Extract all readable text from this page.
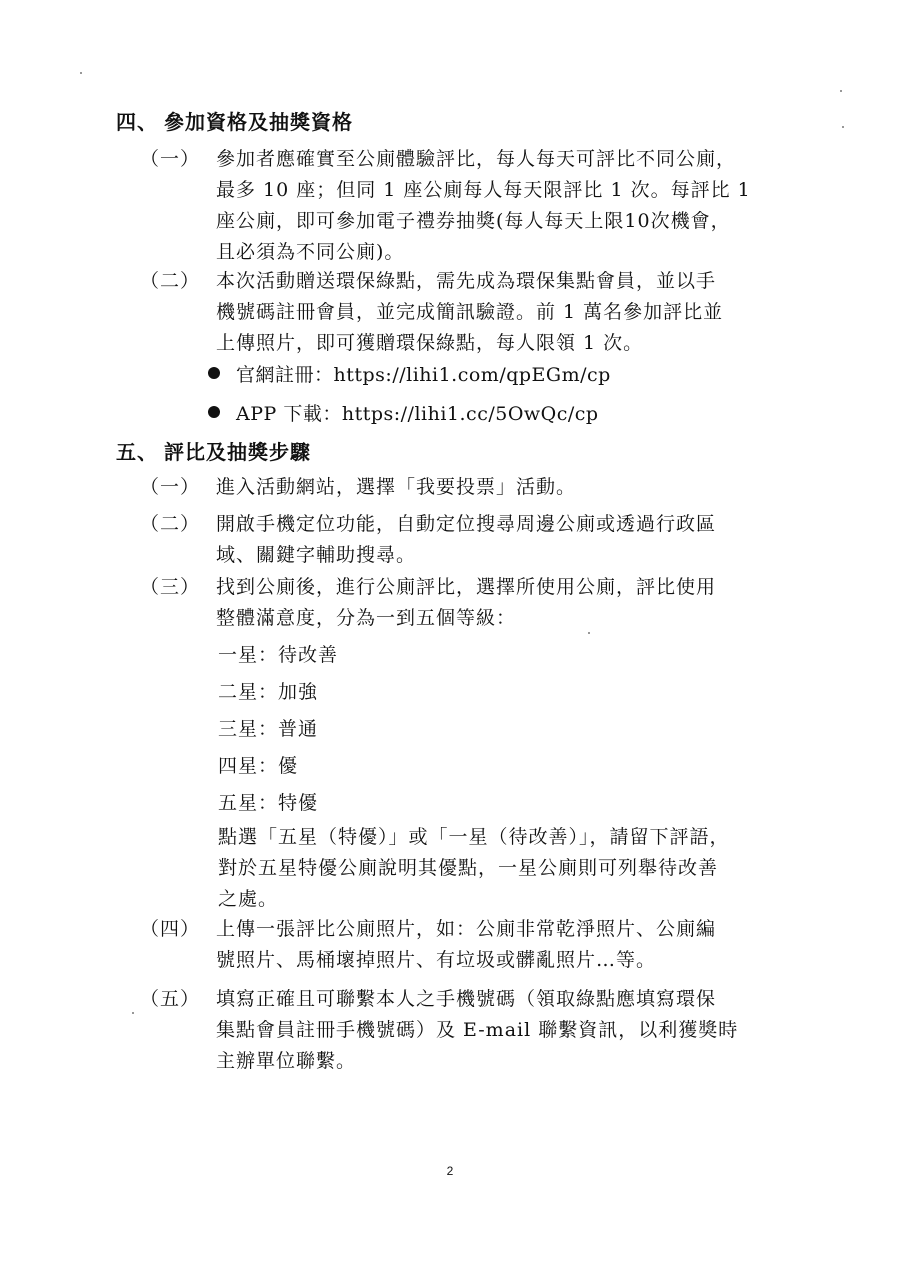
四、 參加資格及抽獎資格
（一） 參加者應確實至公廁體驗評比，每人每天可評比不同公廁，
最多 10 座；但同 1 座公廁每人每天限評比 1 次。每評比 1
座公廁，即可參加電子禮券抽獎(每人每天上限10次機會，
且必須為不同公廁)。
（二） 本次活動贈送環保綠點，需先成為環保集點會員，並以手
機號碼註冊會員，並完成簡訊驗證。前 1 萬名參加評比並
上傳照片，即可獲贈環保綠點，每人限領 1 次。
官網註冊：https://lihi1.com/qpEGm/cp
APP 下載：https://lihi1.cc/5OwQc/cp
五、 評比及抽獎步驟
（一） 進入活動網站，選擇「我要投票」活動。
（二） 開啟手機定位功能，自動定位搜尋周邊公廁或透過行政區
域、關鍵字輔助搜尋。
（三） 找到公廁後，進行公廁評比，選擇所使用公廁，評比使用
整體滿意度，分為一到五個等級：
一星：待改善
二星：加強
三星：普通
四星：優
五星：特優
點選「五星（特優）」或「一星（待改善）」，請留下評語，
對於五星特優公廁說明其優點，一星公廁則可列舉待改善
之處。
（四） 上傳一張評比公廁照片，如：公廁非常乾淨照片、公廁編
號照片、馬桶壞掉照片、有垃圾或髒亂照片…等。
（五） 填寫正確且可聯繫本人之手機號碼（領取綠點應填寫環保
集點會員註冊手機號碼）及 E-mail 聯繫資訊，以利獲獎時
主辦單位聯繫。
2
